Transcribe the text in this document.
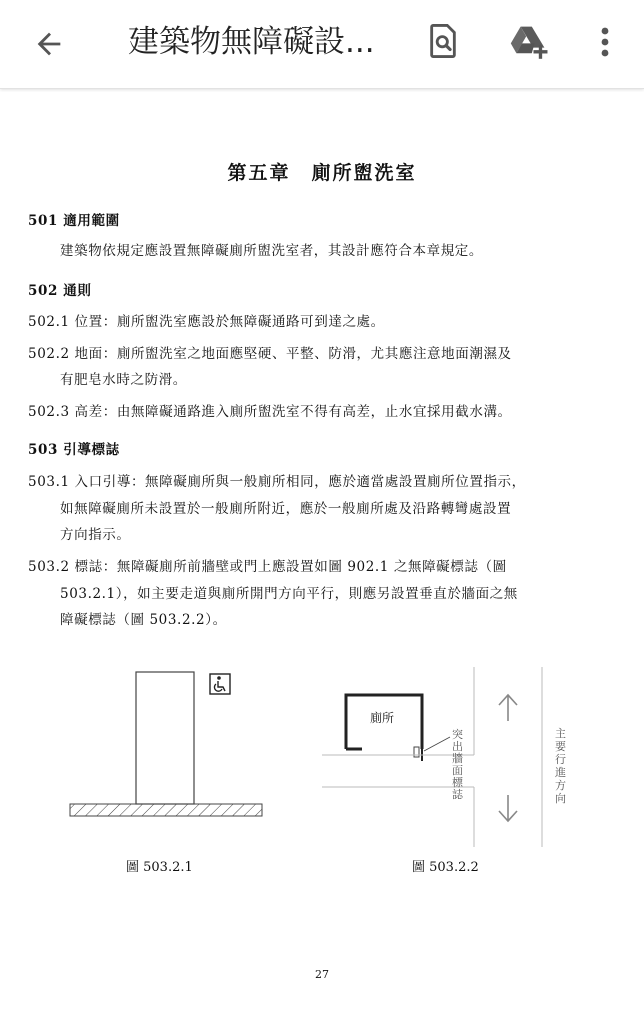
建築物無障礙設...
第五章　廁所盥洗室
501 適用範圍
建築物依規定應設置無障礙廁所盥洗室者，其設計應符合本章規定。
502 通則
502.1 位置：廁所盥洗室應設於無障礙通路可到達之處。
502.2 地面：廁所盥洗室之地面應堅硬、平整、防滑，尤其應注意地面潮濕及
有肥皂水時之防滑。
502.3 高差：由無障礙通路進入廁所盥洗室不得有高差，止水宜採用截水溝。
503 引導標誌
503.1 入口引導：無障礙廁所與一般廁所相同，應於適當處設置廁所位置指示，
如無障礙廁所未設置於一般廁所附近，應於一般廁所處及沿路轉彎處設置
方向指示。
503.2 標誌：無障礙廁所前牆壁或門上應設置如圖 902.1 之無障礙標誌（圖
503.2.1），如主要走道與廁所開門方向平行，則應另設置垂直於牆面之無
障礙標誌（圖 503.2.2）。
廁所
突出牆面標誌
主要行進方向
圖 503.2.1	圖 503.2.2
27
